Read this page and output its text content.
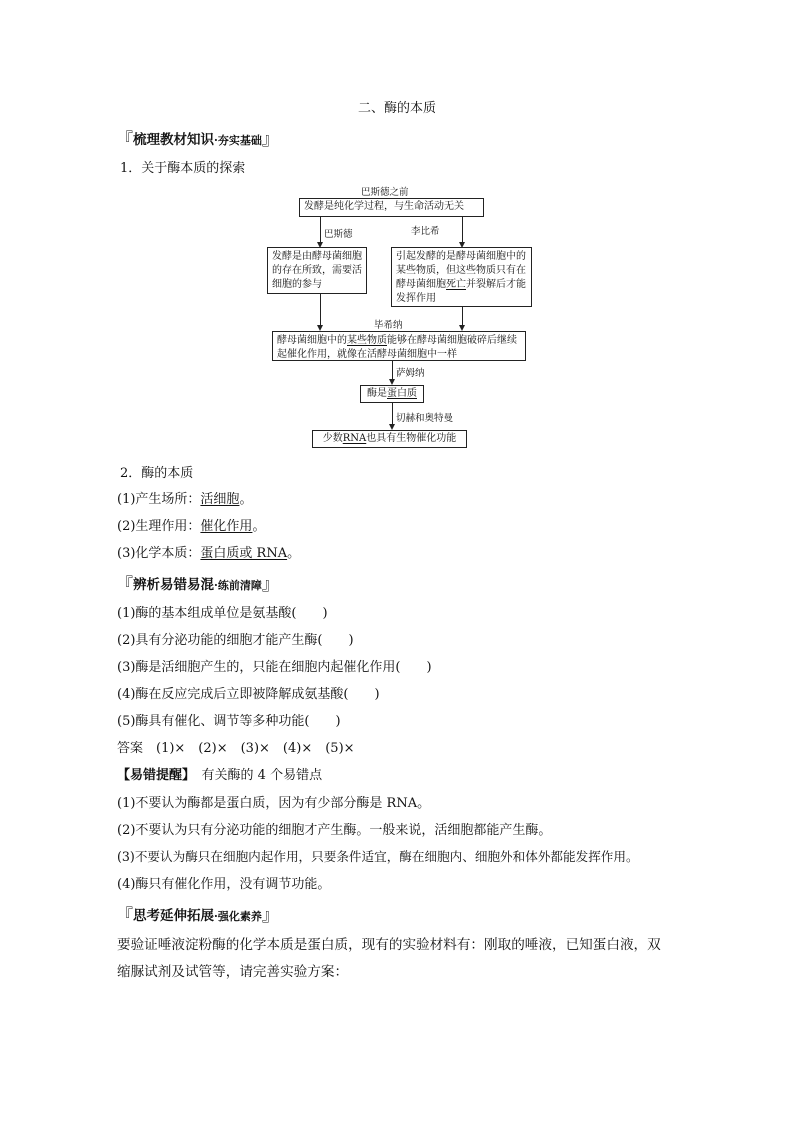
二、酶的本质
『梳理教材知识·夯实基础』
1．关于酶本质的探索
巴斯德之前
发酵是纯化学过程，与生命活动无关
巴斯德	李比希
发酵是由酵母菌细胞的存在所致，需要活细胞的参与
引起发酵的是酵母菌细胞中的某些物质，但这些物质只有在酵母菌细胞死亡并裂解后才能发挥作用
毕希纳
酵母菌细胞中的某些物质能够在酵母菌细胞破碎后继续起催化作用，就像在活酵母菌细胞中一样
萨姆纳
酶是蛋白质
切赫和奥特曼
少数RNA也具有生物催化功能
2．酶的本质
(1)产生场所：活细胞。
(2)生理作用：催化作用。
(3)化学本质：蛋白质或 RNA。
『辨析易错易混·练前清障』
(1)酶的基本组成单位是氨基酸(　　)
(2)具有分泌功能的细胞才能产生酶(　　)
(3)酶是活细胞产生的，只能在细胞内起催化作用(　　)
(4)酶在反应完成后立即被降解成氨基酸(　　)
(5)酶具有催化、调节等多种功能(　　)
答案　(1)×　(2)×　(3)×　(4)×　(5)×
【易错提醒】　 有关酶的 4 个易错点
(1)不要认为酶都是蛋白质，因为有少部分酶是 RNA。
(2)不要认为只有分泌功能的细胞才产生酶。一般来说，活细胞都能产生酶。
(3)不要认为酶只在细胞内起作用，只要条件适宜，酶在细胞内、细胞外和体外都能发挥作用。
(4)酶只有催化作用，没有调节功能。
『思考延伸拓展·强化素养』
要验证唾液淀粉酶的化学本质是蛋白质，现有的实验材料有：刚取的唾液，已知蛋白液，双
缩脲试剂及试管等，请完善实验方案：
